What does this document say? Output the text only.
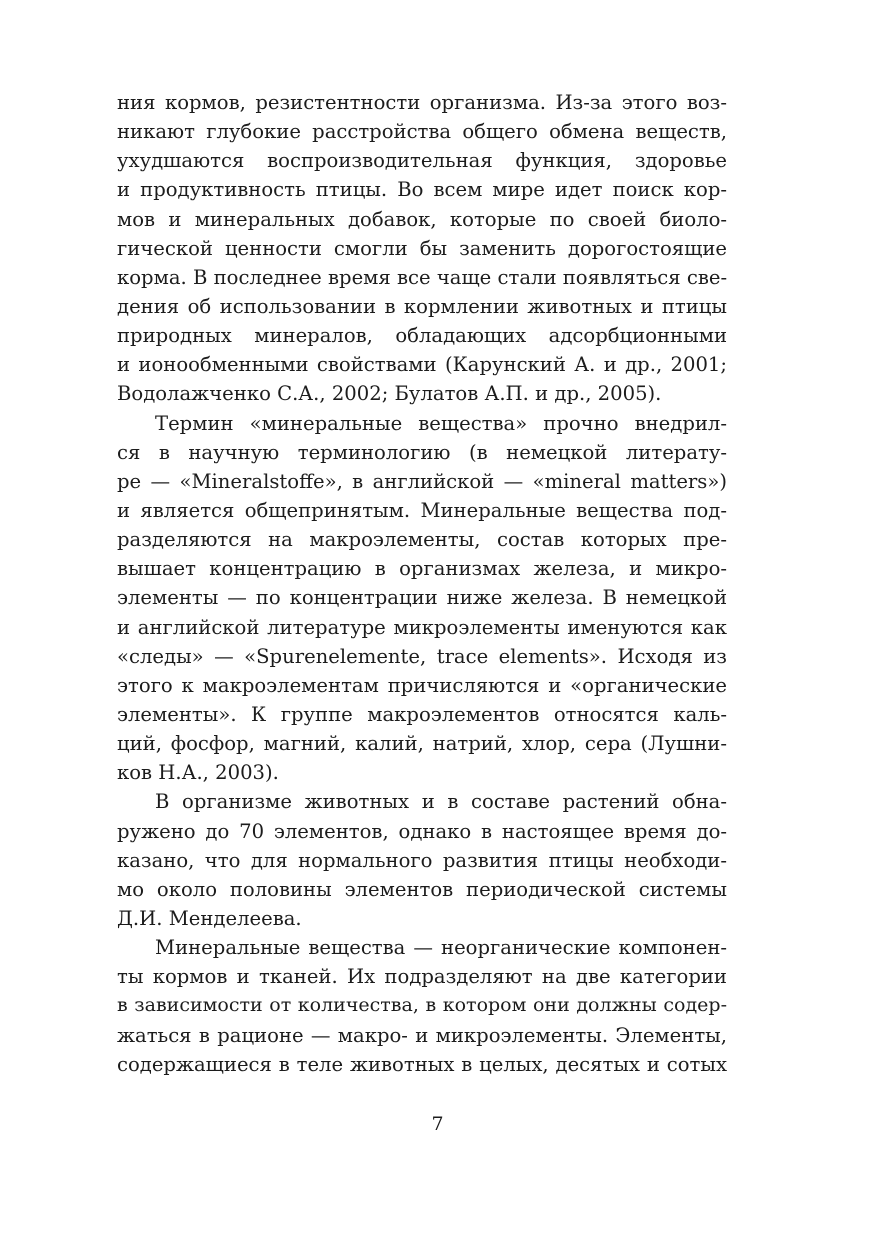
ния кормов, резистентности организма. Из-за этого воз-
никают глубокие расстройства общего обмена веществ,
ухудшаются воспроизводительная функция, здоровье
и продуктивность птицы. Во всем мире идет поиск кор-
мов и минеральных добавок, которые по своей биоло-
гической ценности смогли бы заменить дорогостоящие
корма. В последнее время все чаще стали появляться све-
дения об использовании в кормлении животных и птицы
природных минералов, обладающих адсорбционными
и ионообменными свойствами (Карунский А. и др., 2001;
Водолажченко С.А., 2002; Булатов А.П. и др., 2005).
Термин «минеральные вещества» прочно внедрил-
ся в научную терминологию (в немецкой литерату-
ре — «Mineralstoffe», в английской — «mineral matters»)
и является общепринятым. Минеральные вещества под-
разделяются на макроэлементы, состав которых пре-
вышает концентрацию в организмах железа, и микро-
элементы — по концентрации ниже железа. В немецкой
и английской литературе микроэлементы именуются как
«следы» — «Spurenelemente, trace elements». Исходя из
этого к макроэлементам причисляются и «органические
элементы». К группе макроэлементов относятся каль-
ций, фосфор, магний, калий, натрий, хлор, сера (Лушни-
ков Н.А., 2003).
В организме животных и в составе растений обна-
ружено до 70 элементов, однако в настоящее время до-
казано, что для нормального развития птицы необходи-
мо около половины элементов периодической системы
Д.И. Менделеева.
Минеральные вещества — неорганические компонен-
ты кормов и тканей. Их подразделяют на две категории
в зависимости от количества, в котором они должны содер-
жаться в рационе — макро- и микроэлементы. Элементы,
содержащиеся в теле животных в целых, десятых и сотых
7
